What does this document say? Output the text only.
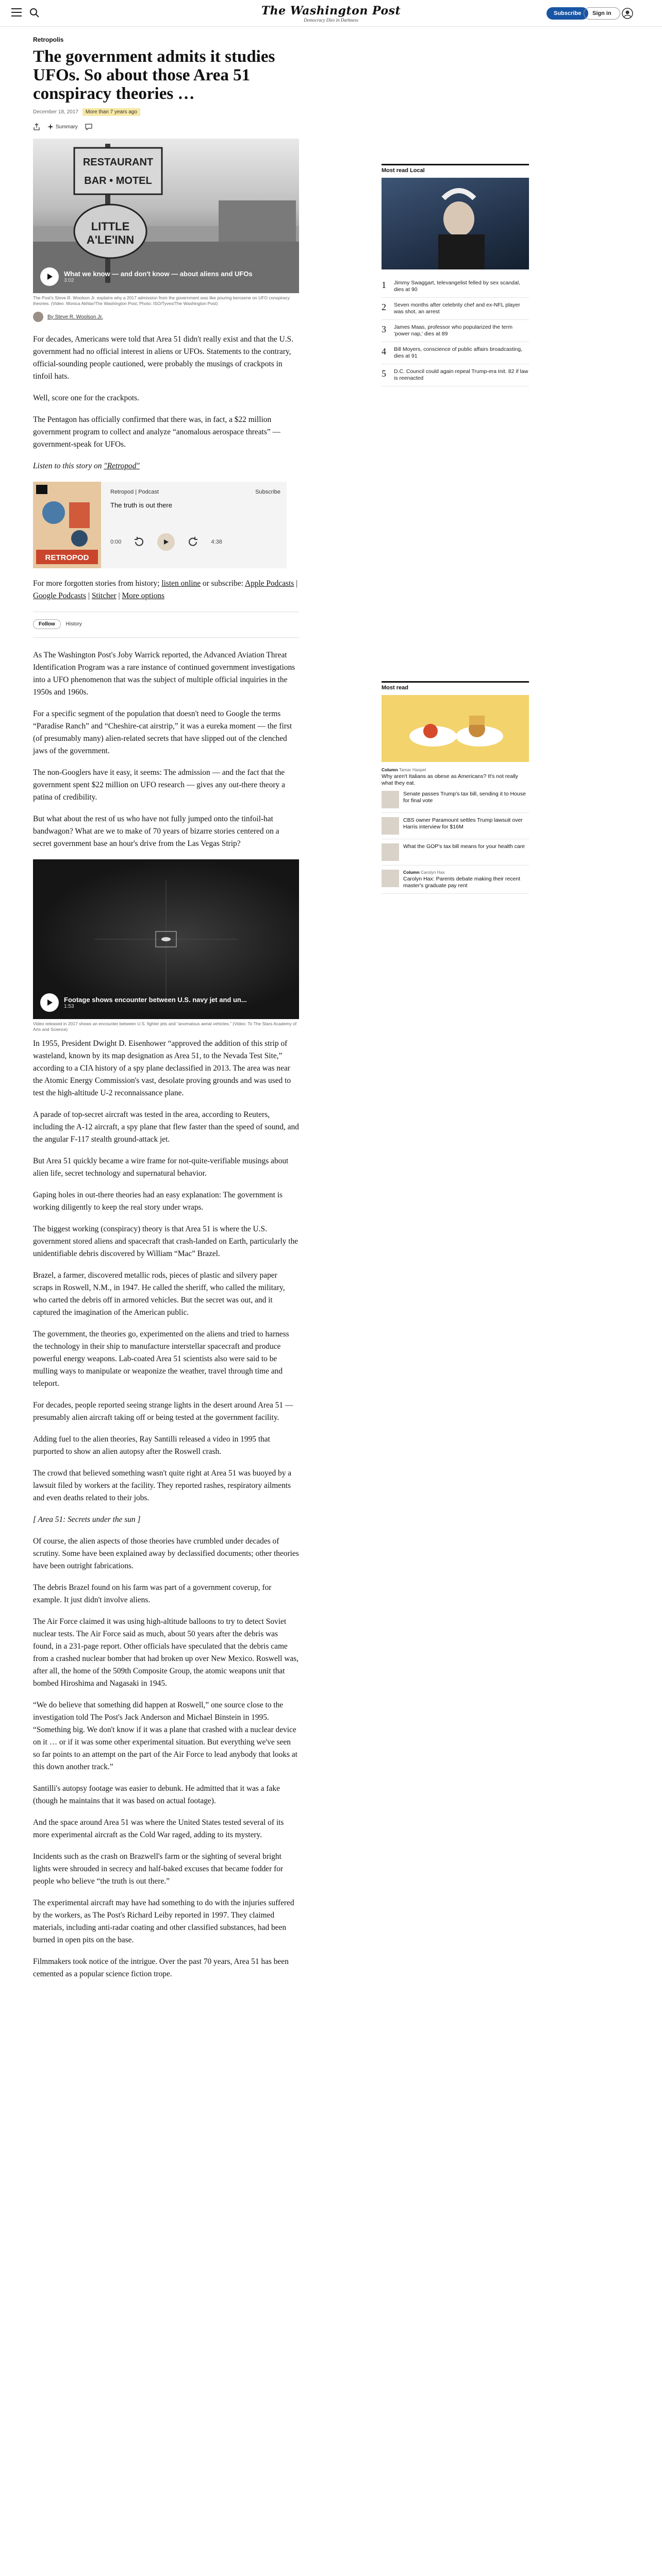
The Washington Post
Democracy Dies in Darkness
Subscribe	Sign in
Retropolis
The government admits it studies UFOs. So about those Area 51 conspiracy theories …
December 18, 2017	More than 7 years ago
Summary
RESTAURANT
BAR • MOTEL
LITTLE
A'LE'INN
What we know — and don't know — about aliens and UFOs
3:02
The Post's Steve R. Woolson Jr. explains why a 2017 admission from the government was like pouring kerosene on UFO conspiracy theories. (Video: Monica Akhtar/The Washington Post; Photo: ISO/Tyvex/The Washington Post)
By Steve R. Woolson Jr.

For decades, Americans were told that Area 51 didn't really exist and that the U.S. government had no official interest in aliens or UFOs. Statements to the contrary, official-sounding people cautioned, were probably the musings of crackpots in tinfoil hats.

Well, score one for the crackpots.

The Pentagon has officially confirmed that there was, in fact, a $22 million government program to collect and analyze “anomalous aerospace threats” — government-speak for UFOs.

Listen to this story on "Retropod"

RETROPOD
Retropod | Podcast	Subscribe
The truth is out there
0:00	4:38

For more forgotten stories from history; listen online or subscribe: Apple Podcasts | Google Podcasts | Stitcher | More options

Follow	History

As The Washington Post's Joby Warrick reported, the Advanced Aviation Threat Identification Program was a rare instance of continued government investigations into a UFO phenomenon that was the subject of multiple official inquiries in the 1950s and 1960s.

For a specific segment of the population that doesn't need to Google the terms “Paradise Ranch” and “Cheshire-cat airstrip,” it was a eureka moment — the first (of presumably many) alien-related secrets that have slipped out of the clenched jaws of the government.

The non-Googlers have it easy, it seems: The admission — and the fact that the government spent $22 million on UFO research — gives any out-there theory a patina of credibility.

But what about the rest of us who have not fully jumped onto the tinfoil-hat bandwagon? What are we to make of 70 years of bizarre stories centered on a secret government base an hour's drive from the Las Vegas Strip?

Footage shows encounter between U.S. navy jet and un...
1:53
Video released in 2017 shows an encounter between U.S. fighter jets and “anomalous aerial vehicles.” (Video: To The Stars Academy of Arts and Science)

In 1955, President Dwight D. Eisenhower “approved the addition of this strip of wasteland, known by its map designation as Area 51, to the Nevada Test Site,” according to a CIA history of a spy plane declassified in 2013. The area was near the Atomic Energy Commission's vast, desolate proving grounds and was used to test the high-altitude U-2 reconnaissance plane.

A parade of top-secret aircraft was tested in the area, according to Reuters, including the A-12 aircraft, a spy plane that flew faster than the speed of sound, and the angular F-117 stealth ground-attack jet.

But Area 51 quickly became a wire frame for not-quite-verifiable musings about alien life, secret technology and supernatural behavior.

Gaping holes in out-there theories had an easy explanation: The government is working diligently to keep the real story under wraps.

The biggest working (conspiracy) theory is that Area 51 is where the U.S. government stored aliens and spacecraft that crash-landed on Earth, particularly the unidentifiable debris discovered by William “Mac” Brazel.

Brazel, a farmer, discovered metallic rods, pieces of plastic and silvery paper scraps in Roswell, N.M., in 1947. He called the sheriff, who called the military, who carted the debris off in armored vehicles. But the secret was out, and it captured the imagination of the American public.

The government, the theories go, experimented on the aliens and tried to harness the technology in their ship to manufacture interstellar spacecraft and produce powerful energy weapons. Lab-coated Area 51 scientists also were said to be mulling ways to manipulate or weaponize the weather, travel through time and teleport.

For decades, people reported seeing strange lights in the desert around Area 51 — presumably alien aircraft taking off or being tested at the government facility.

Adding fuel to the alien theories, Ray Santilli released a video in 1995 that purported to show an alien autopsy after the Roswell crash.

The crowd that believed something wasn't quite right at Area 51 was buoyed by a lawsuit filed by workers at the facility. They reported rashes, respiratory ailments and even deaths related to their jobs.

[ Area 51: Secrets under the sun ]

Of course, the alien aspects of those theories have crumbled under decades of scrutiny. Some have been explained away by declassified documents; other theories have been outright fabrications.

The debris Brazel found on his farm was part of a government coverup, for example. It just didn't involve aliens.

The Air Force claimed it was using high-altitude balloons to try to detect Soviet nuclear tests. The Air Force said as much, about 50 years after the debris was found, in a 231-page report. Other officials have speculated that the debris came from a crashed nuclear bomber that had broken up over New Mexico. Roswell was, after all, the home of the 509th Composite Group, the atomic weapons unit that bombed Hiroshima and Nagasaki in 1945.

“We do believe that something did happen at Roswell,” one source close to the investigation told The Post's Jack Anderson and Michael Binstein in 1995. “Something big. We don't know if it was a plane that crashed with a nuclear device on it … or if it was some other experimental situation. But everything we've seen so far points to an attempt on the part of the Air Force to lead anybody that looks at this down another track.”

Santilli's autopsy footage was easier to debunk. He admitted that it was a fake (though he maintains that it was based on actual footage).

And the space around Area 51 was where the United States tested several of its more experimental aircraft as the Cold War raged, adding to its mystery.

Incidents such as the crash on Brazwell's farm or the sighting of several bright lights were shrouded in secrecy and half-baked excuses that became fodder for people who believe “the truth is out there.”

The experimental aircraft may have had something to do with the injuries suffered by the workers, as The Post's Richard Leiby reported in 1997. They claimed materials, including anti-radar coating and other classified substances, had been burned in open pits on the base.

Filmmakers took notice of the intrigue. Over the past 70 years, Area 51 has been cemented as a popular science fiction trope.

Most read Local
1	Jimmy Swaggart, televangelist felled by sex scandal, dies at 90
2	Seven months after celebrity chef and ex-NFL player was shot, an arrest
3	James Maas, professor who popularized the term 'power nap,' dies at 89
4	Bill Moyers, conscience of public affairs broadcasting, dies at 91
5	D.C. Council could again repeal Trump-era Init. 82 if law is reenacted
Most read
Column Tamar Haspel
Why aren't Italians as obese as Americans? It's not really what they eat.
Senate passes Trump's tax bill, sending it to House for final vote
CBS owner Paramount settles Trump lawsuit over Harris interview for $16M
What the GOP's tax bill means for your health care
Column Carolyn Hax
Carolyn Hax: Parents debate making their recent master's graduate pay rent
